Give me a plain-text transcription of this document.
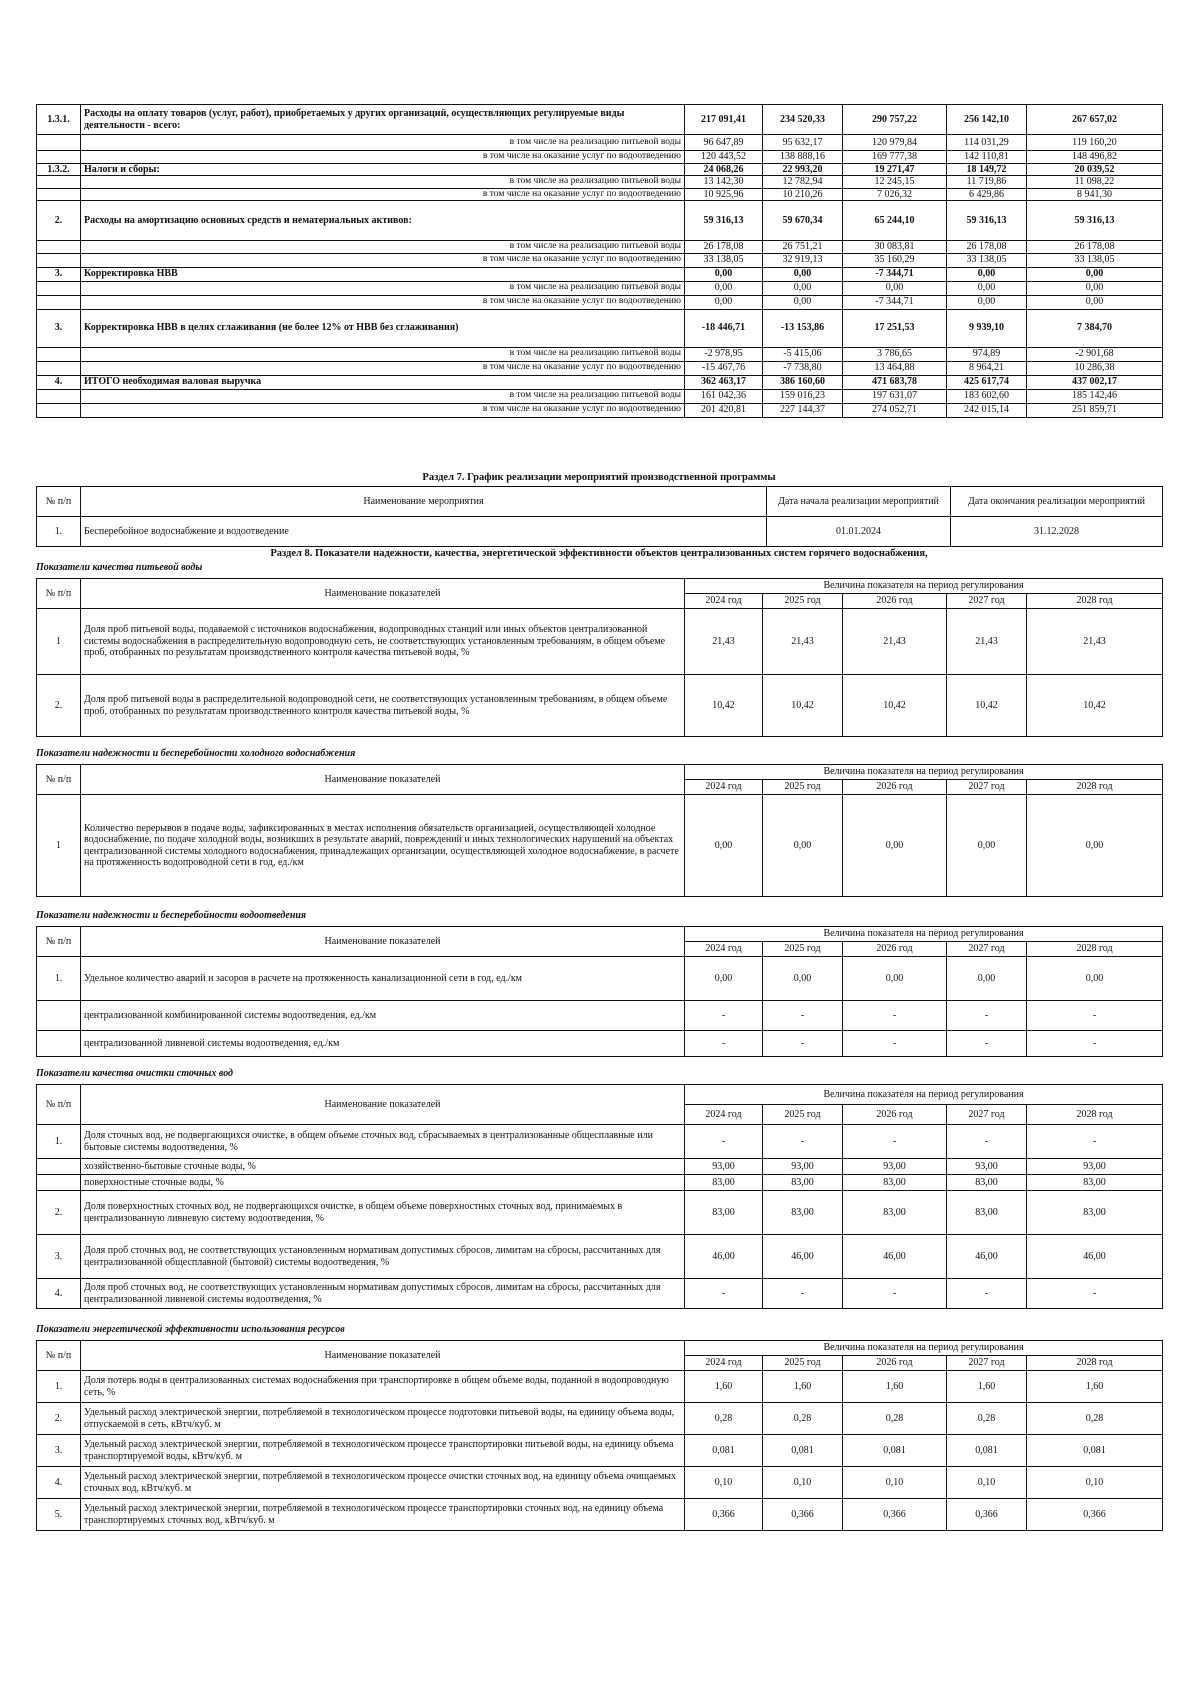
1.3.1.	Расходы на оплату товаров (услуг, работ), приобретаемых у других организаций, осуществляющих регулируемые виды деятельности - всего:	217 091,41	234 520,33	290 757,22	256 142,10	267 657,02
	в том числе на реализацию питьевой воды	96 647,89	95 632,17	120 979,84	114 031,29	119 160,20
	в том числе на оказание услуг по водоотведению	120 443,52	138 888,16	169 777,38	142 110,81	148 496,82
1.3.2.	Налоги и сборы:	24 068,26	22 993,20	19 271,47	18 149,72	20 039,52
	в том числе на реализацию питьевой воды	13 142,30	12 782,94	12 245,15	11 719,86	11 098,22
	в том числе на оказание услуг по водоотведению	10 925,96	10 210,26	7 026,32	6 429,86	8 941,30
2.	Расходы на амортизацию основных средств и нематериальных активов:	59 316,13	59 670,34	65 244,10	59 316,13	59 316,13
	в том числе на реализацию питьевой воды	26 178,08	26 751,21	30 083,81	26 178,08	26 178,08
	в том числе на оказание услуг по водоотведению	33 138,05	32 919,13	35 160,29	33 138,05	33 138,05
3.	Корректировка НВВ	0,00	0,00	-7 344,71	0,00	0,00
	в том числе на реализацию питьевой воды	0,00	0,00	0,00	0,00	0,00
	в том числе на оказание услуг по водоотведению	0,00	0,00	-7 344,71	0,00	0,00
3.	Корректировка НВВ в целях сглаживания (не более 12% от НВВ без сглаживания)	-18 446,71	-13 153,86	17 251,53	9 939,10	7 384,70
	в том числе на реализацию питьевой воды	-2 978,95	-5 415,06	3 786,65	974,89	-2 901,68
	в том числе на оказание услуг по водоотведению	-15 467,76	-7 738,80	13 464,88	8 964,21	10 286,38
4.	ИТОГО необходимая валовая выручка	362 463,17	386 160,60	471 683,78	425 617,74	437 002,17
	в том числе на реализацию питьевой воды	161 042,36	159 016,23	197 631,07	183 602,60	185 142,46
	в том числе на оказание услуг по водоотведению	201 420,81	227 144,37	274 052,71	242 015,14	251 859,71
Раздел 7. График реализации мероприятий производственной программы
№ п/п	Наименование мероприятия	Дата начала реализации мероприятий	Дата окончания реализации мероприятий
1.	Бесперебойное водоснабжение и водоотведение	01.01.2024	31.12.2028
Раздел 8. Показатели надежности, качества, энергетической эффективности объектов централизованных систем горячего водоснабжения,
Показатели качества питьевой воды
№ п/п	Наименование показателей	Величина показателя на период регулирования				
		2024 год	2025 год	2026 год	2027 год	2028 год
1	Доля проб питьевой воды, подаваемой с источников водоснабжения, водопроводных станций или иных объектов централизованной системы водоснабжения в распределительную водопроводную сеть, не соответствующих установленным требованиям, в общем объеме проб, отобранных по результатам производственного контроля качества питьевой воды, %	21,43	21,43	21,43	21,43	21,43
2.	Доля проб питьевой воды в распределительной водопроводной сети, не соответствующих установленным требованиям, в общем объеме проб, отобранных по результатам производственного контроля качества питьевой воды, %	10,42	10,42	10,42	10,42	10,42
Показатели надежности и бесперебойности холодного водоснабжения
№ п/п	Наименование показателей	Величина показателя на период регулирования				
		2024 год	2025 год	2026 год	2027 год	2028 год
1	Количество перерывов в подаче воды, зафиксированных в местах исполнения обязательств организацией, осуществляющей холодное водоснабжение, по подаче холодной воды, возникших в результате аварий, повреждений и иных технологических нарушений на объектах централизованной системы холодного водоснабжения, принадлежащих организации, осуществляющей холодное водоснабжение, в расчете на протяженность водопроводной сети в год, ед./км	0,00	0,00	0,00	0,00	0,00
Показатели надежности и бесперебойности водоотведения
№ п/п	Наименование показателей	Величина показателя на период регулирования				
		2024 год	2025 год	2026 год	2027 год	2028 год
1.	Удельное количество аварий и засоров в расчете на протяженность канализационной сети в год, ед./км	0,00	0,00	0,00	0,00	0,00
	централизованной комбинированной системы водоотведения, ед./км	-	-	-	-	-
	централизованной ливневой системы водоотведения, ед./км	-	-	-	-	-
Показатели качества очистки сточных вод
№ п/п	Наименование показателей	Величина показателя на период регулирования				
		2024 год	2025 год	2026 год	2027 год	2028 год
1.	Доля сточных вод, не подвергающихся очистке, в общем объеме сточных вод, сбрасываемых в централизованные общесплавные или бытовые системы водоотведения, %	-	-	-	-	-
	хозяйственно-бытовые сточные воды, %	93,00	93,00	93,00	93,00	93,00
	поверхностные сточные воды, %	83,00	83,00	83,00	83,00	83,00
2.	Доля поверхностных сточных вод, не подвергающихся очистке, в общем объеме поверхностных сточных вод, принимаемых в централизованную ливневую систему водоотведения, %	83,00	83,00	83,00	83,00	83,00
3.	Доля проб сточных вод, не соответствующих установленным нормативам допустимых сбросов, лимитам на сбросы, рассчитанных для централизованной общесплавной (бытовой) системы водоотведения, %	46,00	46,00	46,00	46,00	46,00
4.	Доля проб сточных вод, не соответствующих установленным нормативам допустимых сбросов, лимитам на сбросы, рассчитанных для централизованной ливневой системы водоотведения, %	-	-	-	-	-
Показатели энергетической эффективности использования ресурсов
№ п/п	Наименование показателей	Величина показателя на период регулирования				
		2024 год	2025 год	2026 год	2027 год	2028 год
1.	Доля потерь воды в централизованных системах водоснабжения при транспортировке в общем объеме воды, поданной в водопроводную сеть, %	1,60	1,60	1,60	1,60	1,60
2.	Удельный расход электрической энергии, потребляемой в технологическом процессе подготовки питьевой воды, на единицу объема воды, отпускаемой в сеть, кВтч/куб. м	0,28	0,28	0,28	0,28	0,28
3.	Удельный расход электрической энергии, потребляемой в технологическом процессе транспортировки питьевой воды, на единицу объема транспортируемой воды, кВтч/куб. м	0,081	0,081	0,081	0,081	0,081
4.	Удельный расход электрической энергии, потребляемой в технологическом процессе очистки сточных вод, на единицу объема очищаемых сточных вод, кВтч/куб. м	0,10	0,10	0,10	0,10	0,10
5.	Удельный расход электрической энергии, потребляемой в технологическом процессе транспортировки сточных вод, на единицу объема транспортируемых сточных вод, кВтч/куб. м	0,366	0,366	0,366	0,366	0,366
